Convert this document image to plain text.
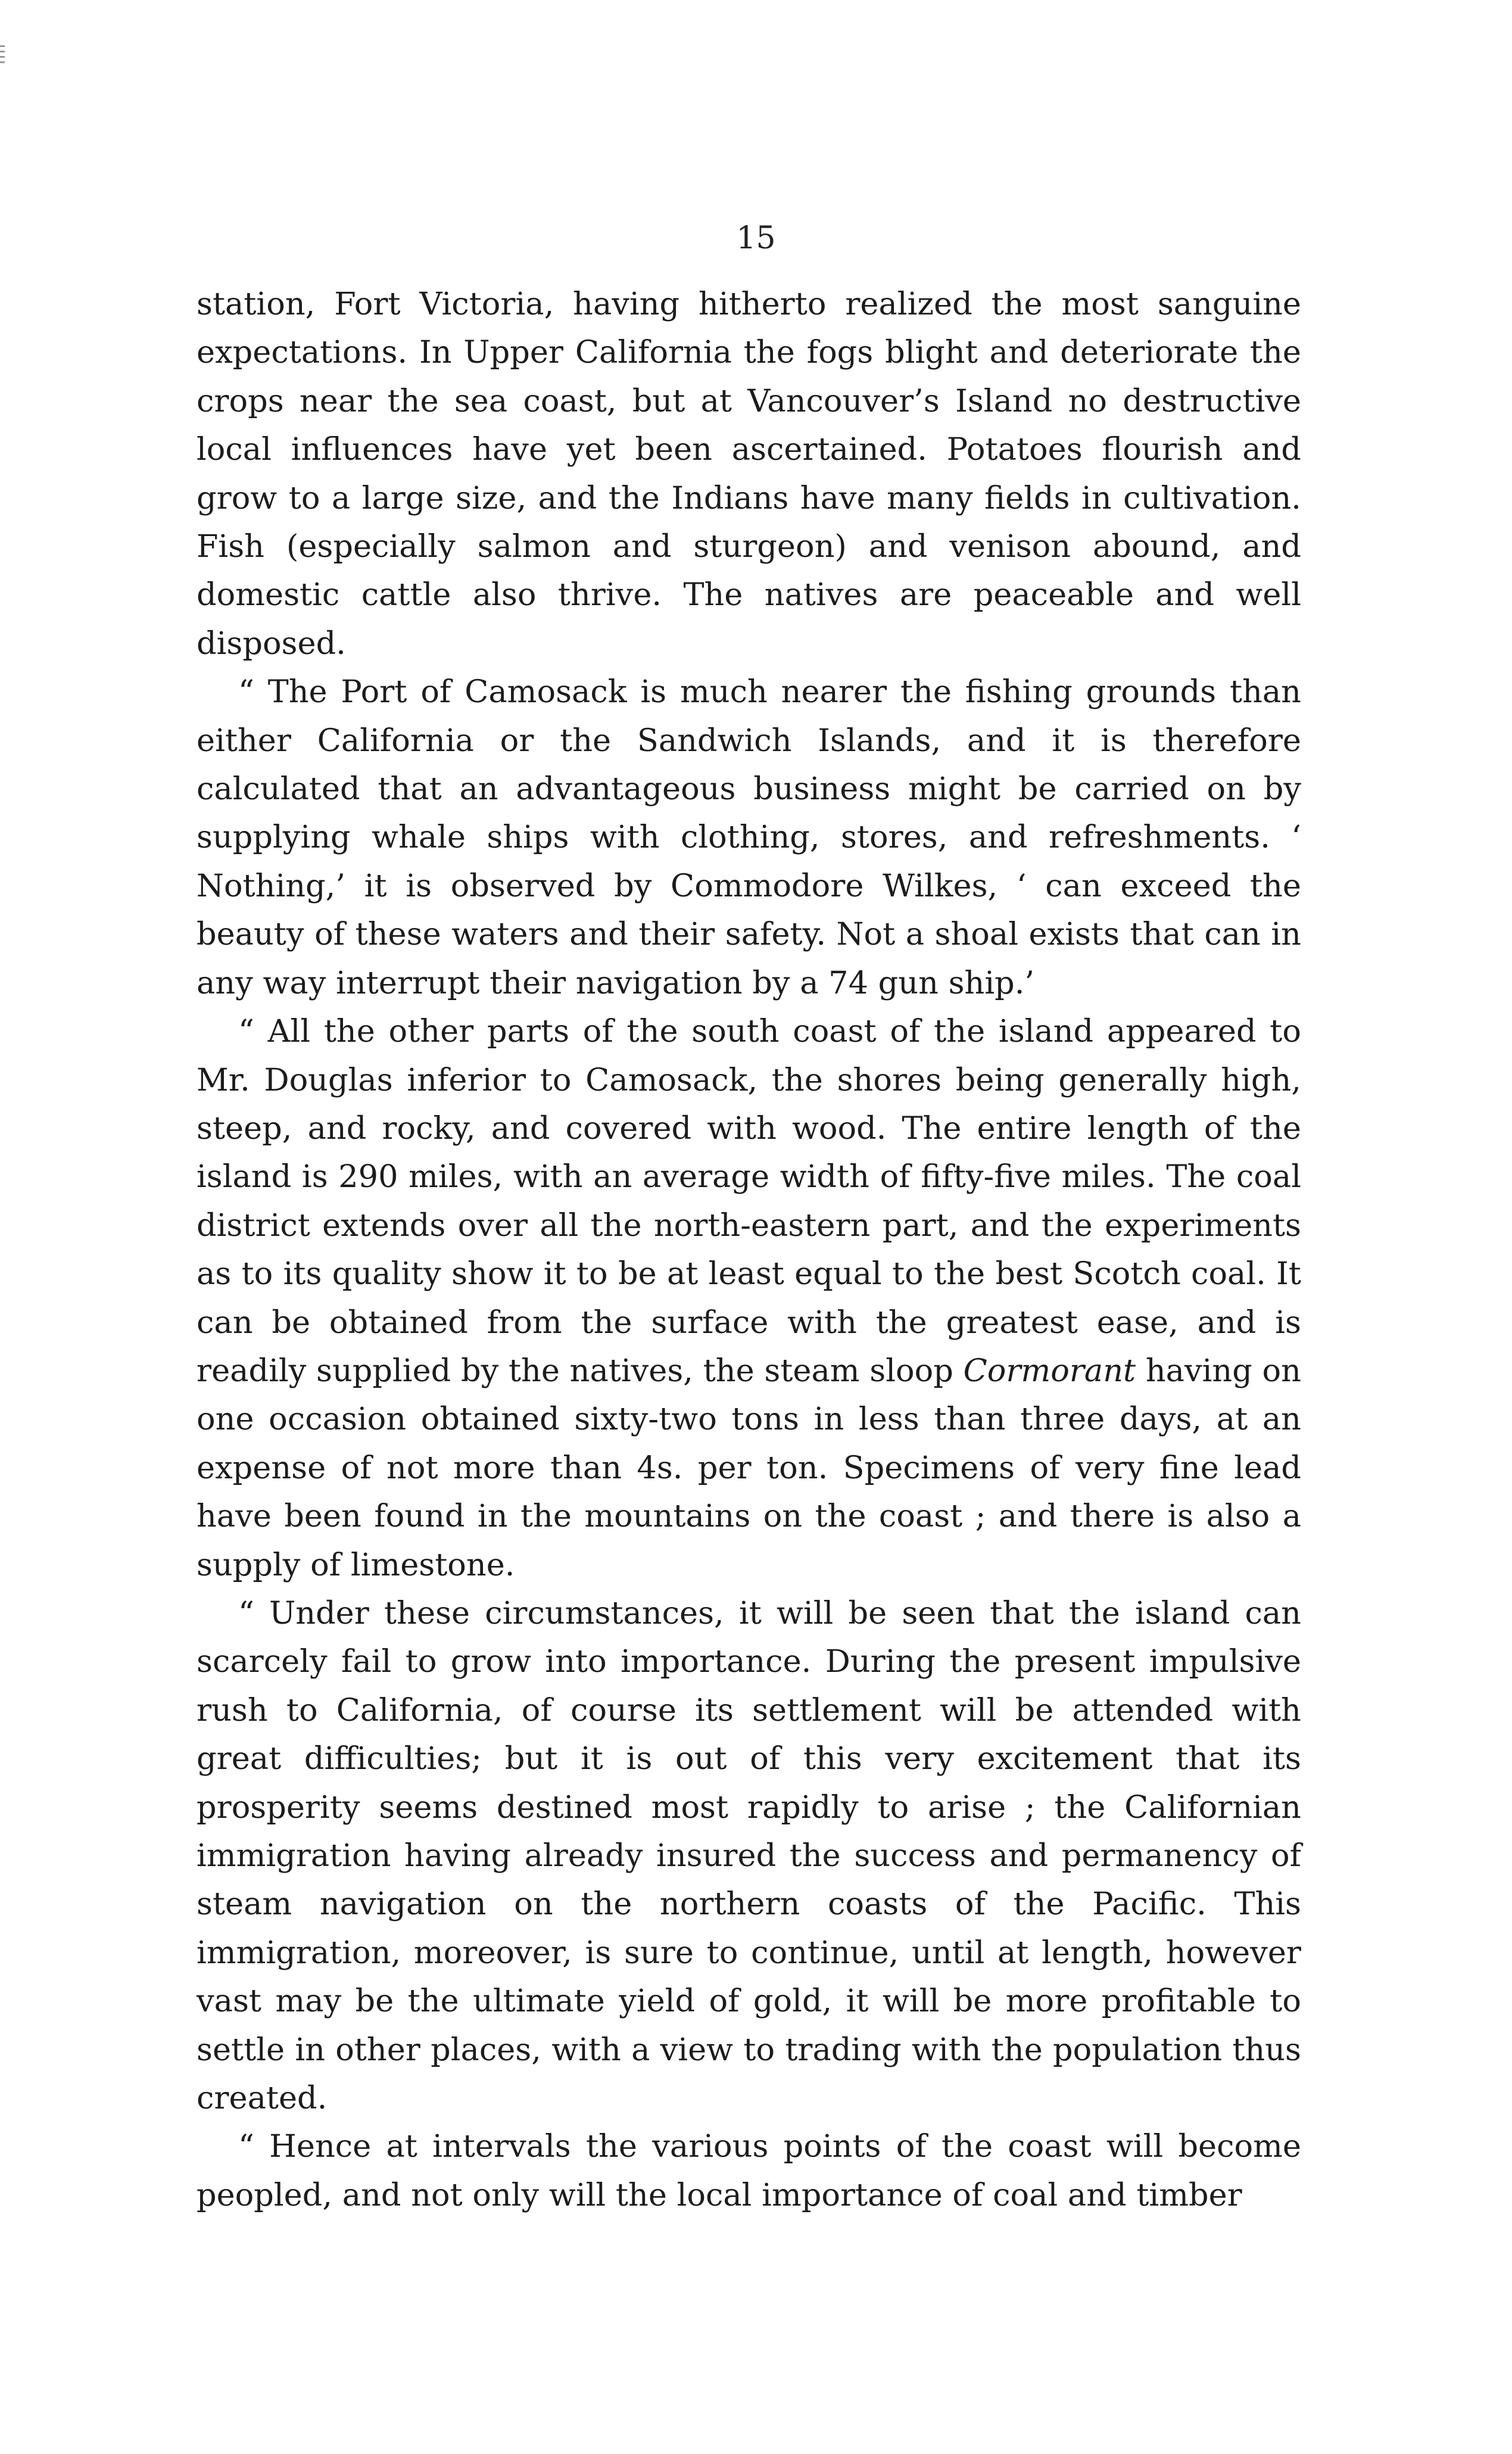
15

station, Fort Victoria, having hitherto realized the most sanguine expectations. In Upper California the fogs blight and deteriorate the crops near the sea coast, but at Vancouver’s Island no destructive local influences have yet been ascertained. Potatoes flourish and grow to a large size, and the Indians have many fields in cultivation. Fish (especially salmon and sturgeon) and venison abound, and domestic cattle also thrive. The natives are peaceable and well disposed.

“ The Port of Camosack is much nearer the fishing grounds than either California or the Sandwich Islands, and it is therefore calculated that an advantageous business might be carried on by supplying whale ships with clothing, stores, and refreshments. ‘ Nothing,’ it is observed by Commodore Wilkes, ‘ can exceed the beauty of these waters and their safety. Not a shoal exists that can in any way interrupt their navigation by a 74 gun ship.’

“ All the other parts of the south coast of the island appeared to Mr. Douglas inferior to Camosack, the shores being generally high, steep, and rocky, and covered with wood. The entire length of the island is 290 miles, with an average width of fifty-five miles. The coal district extends over all the north-eastern part, and the experiments as to its quality show it to be at least equal to the best Scotch coal. It can be obtained from the surface with the greatest ease, and is readily supplied by the natives, the steam sloop Cormorant having on one occasion obtained sixty-two tons in less than three days, at an expense of not more than 4s. per ton. Specimens of very fine lead have been found in the mountains on the coast ; and there is also a supply of limestone.

“ Under these circumstances, it will be seen that the island can scarcely fail to grow into importance. During the present impulsive rush to California, of course its settlement will be attended with great difficulties; but it is out of this very excitement that its prosperity seems destined most rapidly to arise ; the Californian immigration having already insured the success and permanency of steam navigation on the northern coasts of the Pacific. This immigration, moreover, is sure to continue, until at length, however vast may be the ultimate yield of gold, it will be more profitable to settle in other places, with a view to trading with the population thus created.

“ Hence at intervals the various points of the coast will become peopled, and not only will the local importance of coal and timber
